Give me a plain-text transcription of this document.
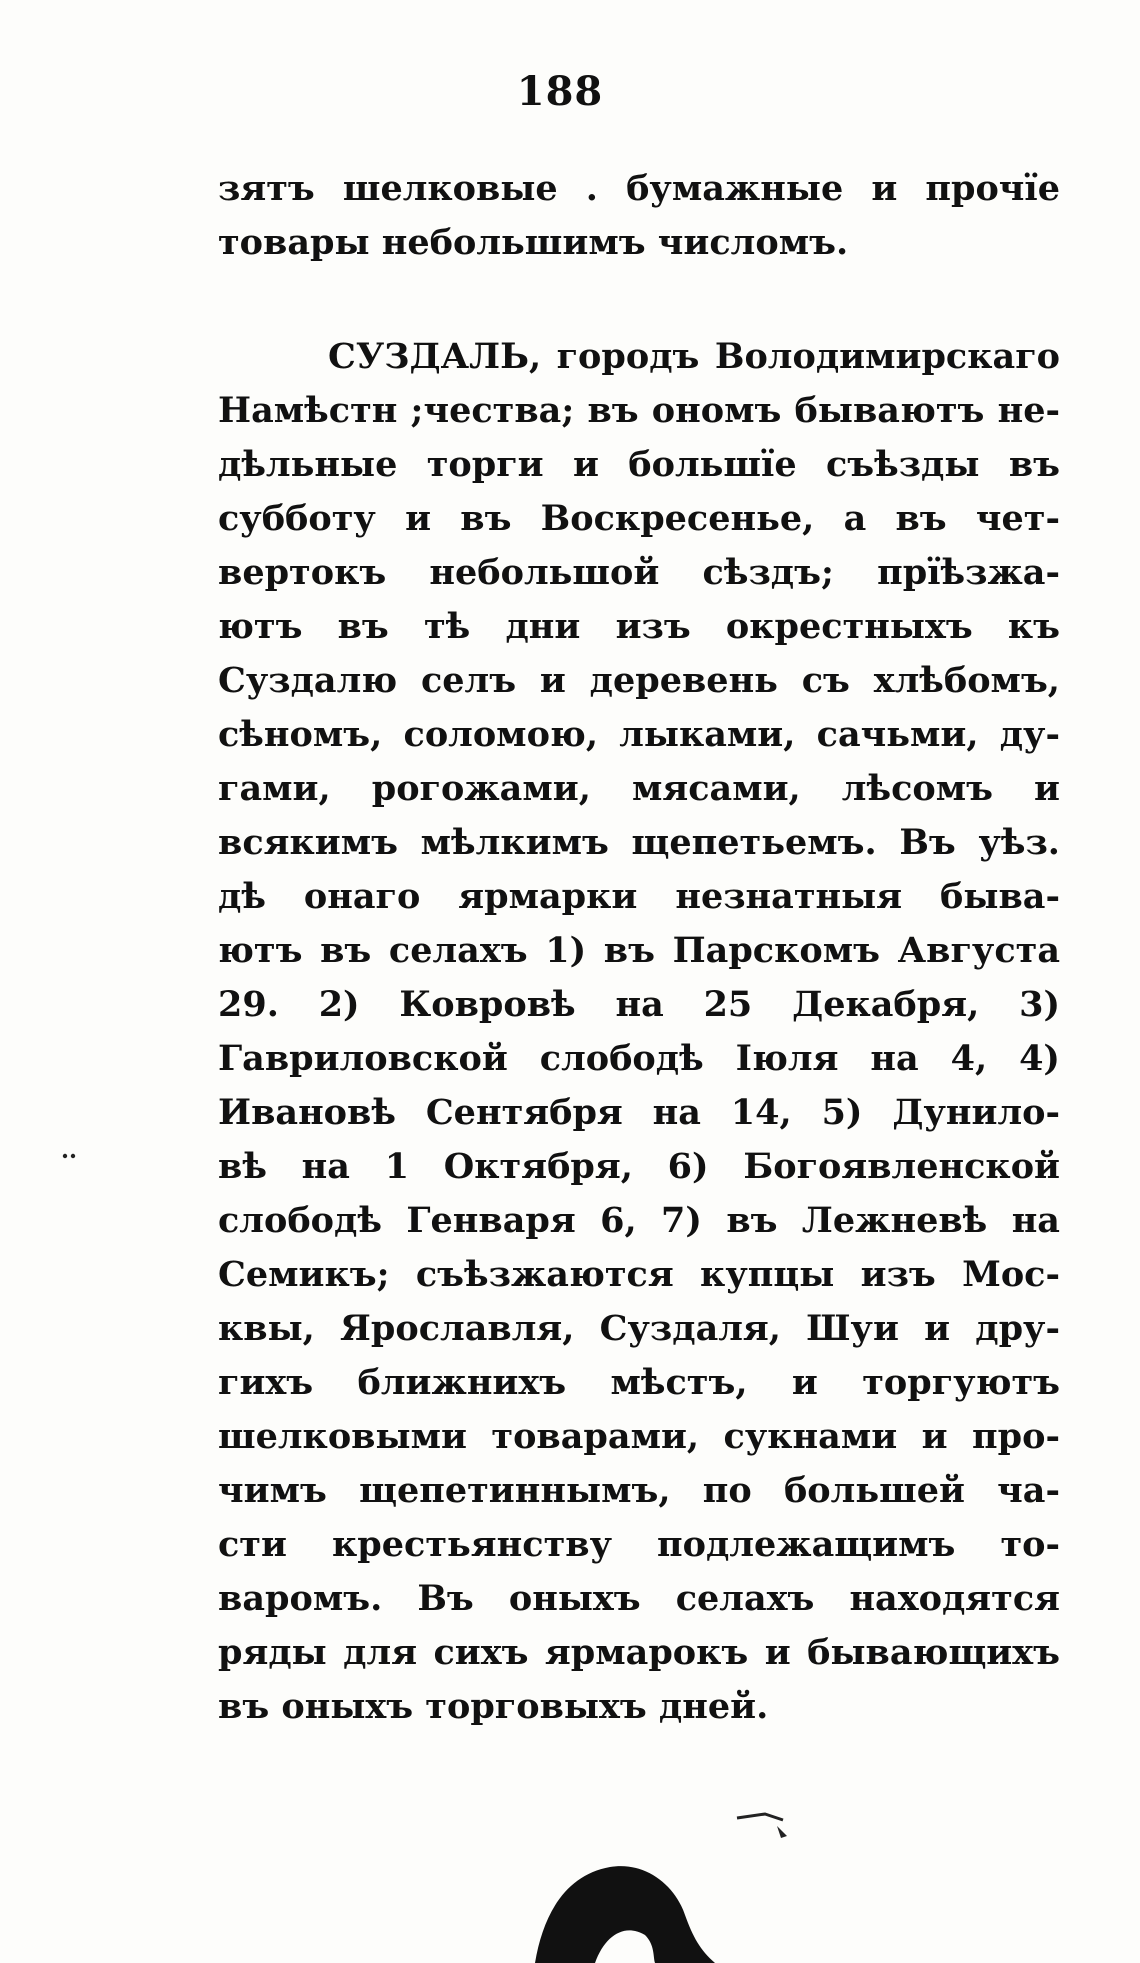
188
зятъ шелковые . бумажные и прочїе
товары небольшимъ числомъ.
СУЗДАЛЬ, городъ Володимирскаго
Намѣстн ;чества; въ ономъ бываютъ не-
дѣльные торги и большїе съѣзды въ
субботу и въ Воскресенье, а въ чет-
вертокъ небольшой сѣздъ; прїѣзжа-
ютъ въ тѣ дни изъ окрестныхъ къ
Суздалю селъ и деревень съ хлѣбомъ,
сѣномъ, соломою, лыками, сачьми, ду-
гами, рогожами, мясами, лѣсомъ и
всякимъ мѣлкимъ щепетьемъ. Въ уѣз.
дѣ онаго ярмарки незнатныя быва-
ютъ въ селахъ 1) въ Парскомъ Августа
29. 2) Ковровѣ на 25 Декабря, 3)
Гавриловской слободѣ Iюля на 4, 4)
Ивановѣ Сентября на 14, 5) Дунило-
вѣ на 1 Октября, 6) Богоявленской
слободѣ Генваря 6, 7) въ Лежневѣ на
Семикъ; съѣзжаются купцы изъ Мос-
квы, Ярославля, Суздаля, Шуи и дру-
гихъ ближнихъ мѣстъ, и торгуютъ
шелковыми товарами, сукнами и про-
чимъ щепетиннымъ, по большей ча-
сти крестьянству подлежащимъ то-
варомъ. Въ оныхъ селахъ находятся
ряды для сихъ ярмарокъ и бывающихъ
въ оныхъ торговыхъ дней.
